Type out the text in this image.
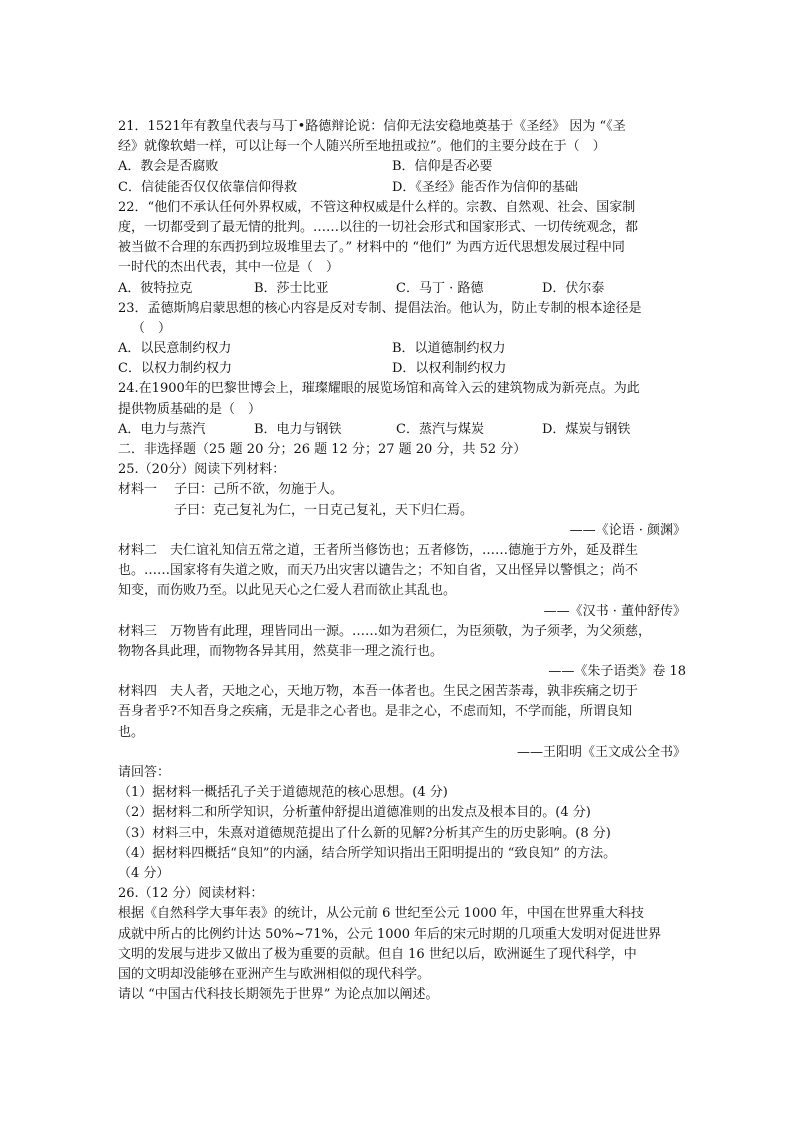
21．1521年有教皇代表与马丁•路德辩论说：信仰无法安稳地奠基于《圣经》 因为 “《圣
经》就像软蜡一样，可以让每一个人随兴所至地扭或拉”。他们的主要分歧在于（　）
A．教会是否腐败	B．信仰是否必要
C．信徒能否仅仅依靠信仰得救	D．《圣经》能否作为信仰的基础
22．“他们不承认任何外界权威，不管这种权威是什么样的。宗教、自然观、社会、国家制
度，一切都受到了最无情的批判。……以往的一切社会形式和国家形式、一切传统观念，都
被当做不合理的东西扔到垃圾堆里去了。” 材料中的 “他们” 为西方近代思想发展过程中同
一时代的杰出代表，其中一位是（　）
A．彼特拉克	B．莎士比亚	C．马丁 · 路德	D．伏尔泰
23．孟德斯鸠启蒙思想的核心内容是反对专制、提倡法治。他认为，防止专制的根本途径是
（　）
A．以民意制约权力	B．以道德制约权力
C．以权力制约权力	D．以权利制约权力
24.在1900年的巴黎世博会上，璀璨耀眼的展览场馆和高耸入云的建筑物成为新亮点。为此
提供物质基础的是（　）
A．电力与蒸汽	B．电力与钢铁	C．蒸汽与煤炭	D．煤炭与钢铁
二．非选择题（25 题 20 分；26 题 12 分；27 题 20 分，共 52 分）
25.（20分）阅读下列材料：
材料一 子曰：己所不欲，勿施于人。
子曰：克己复礼为仁，一日克己复礼，天下归仁焉。
——《论语 · 颜渊》
材料二　夫仁谊礼知信五常之道，王者所当修饬也；五者修饬，……德施于方外，延及群生
也。……国家将有失道之败，而天乃出灾害以谴告之；不知自省，又出怪异以警惧之；尚不
知变，而伤败乃至。以此见天心之仁爱人君而欲止其乱也。
——《汉书 · 董仲舒传》
材料三　万物皆有此理，理皆同出一源。……如为君须仁，为臣须敬，为子须孝，为父须慈，
物物各具此理，而物物各异其用，然莫非一理之流行也。
——《朱子语类》卷 18
材料四　夫人者，天地之心，天地万物，本吾一体者也。生民之困苦荼毒，孰非疾痛之切于
吾身者乎?不知吾身之疾痛，无是非之心者也。是非之心，不虑而知，不学而能，所谓良知
也。
——王阳明《王文成公全书》
请回答：
（1）据材料一概括孔子关于道德规范的核心思想。(4 分)
（2）据材料二和所学知识，分析董仲舒提出道德准则的出发点及根本目的。(4 分)
（3）材料三中，朱熹对道德规范提出了什么新的见解?分析其产生的历史影响。(8 分)
（4）据材料四概括“良知”的内涵，结合所学知识指出王阳明提出的 “致良知” 的方法。
（4 分）
26.（12 分）阅读材料：
根据《自然科学大事年表》的统计，从公元前 6 世纪至公元 1000 年，中国在世界重大科技
成就中所占的比例约计达 50%~71%，公元 1000 年后的宋元时期的几项重大发明对促进世界
文明的发展与进步又做出了极为重要的贡献。但自 16 世纪以后，欧洲诞生了现代科学，中
国的文明却没能够在亚洲产生与欧洲相似的现代科学。
请以 “中国古代科技长期领先于世界” 为论点加以阐述。
